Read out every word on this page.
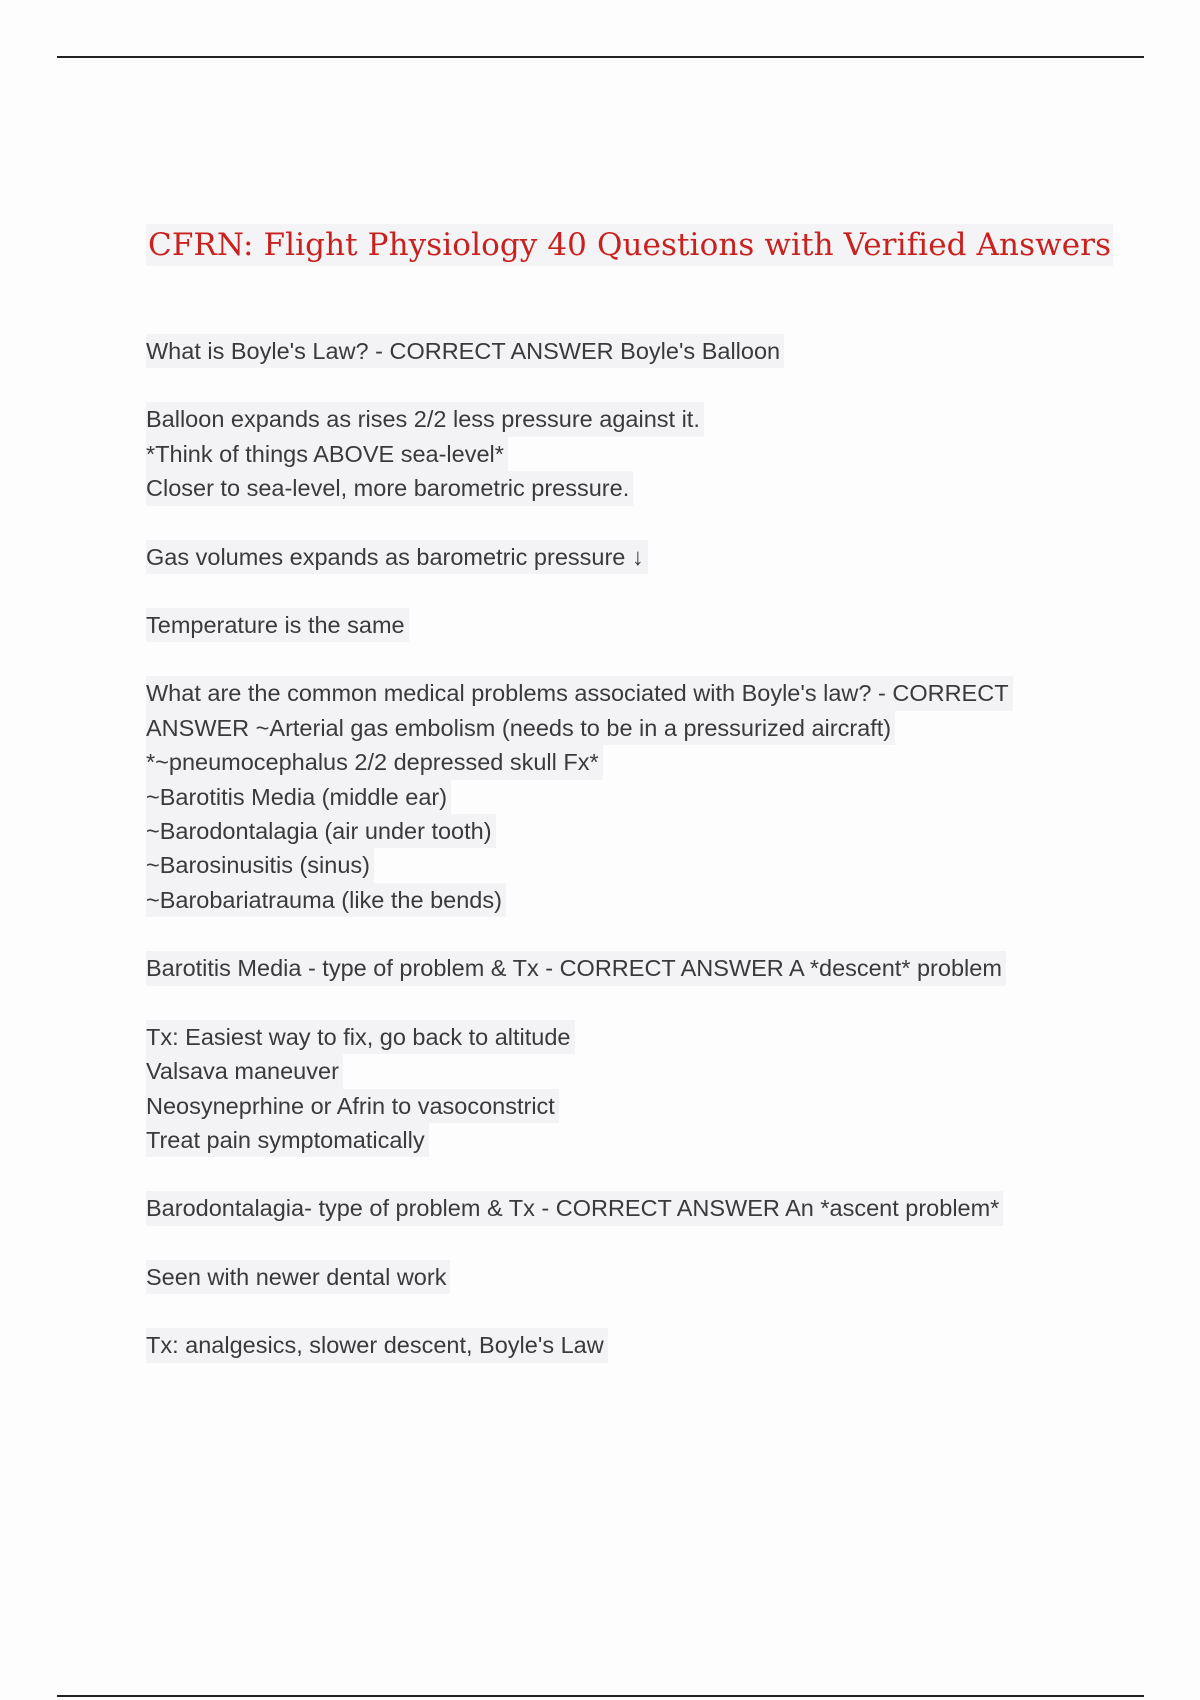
CFRN: Flight Physiology 40 Questions with Verified Answers
What is Boyle's Law? - CORRECT ANSWER Boyle's Balloon
Balloon expands as rises 2/2 less pressure against it.
*Think of things ABOVE sea-level*
Closer to sea-level, more barometric pressure.
Gas volumes expands as barometric pressure ↓
Temperature is the same
What are the common medical problems associated with Boyle's law? - CORRECT
ANSWER ~Arterial gas embolism (needs to be in a pressurized aircraft)
*~pneumocephalus 2/2 depressed skull Fx*
~Barotitis Media (middle ear)
~Barodontalagia (air under tooth)
~Barosinusitis (sinus)
~Barobariatrauma (like the bends)
Barotitis Media - type of problem & Tx - CORRECT ANSWER A *descent* problem
Tx: Easiest way to fix, go back to altitude
Valsava maneuver
Neosyneprhine or Afrin to vasoconstrict
Treat pain symptomatically
Barodontalagia- type of problem & Tx - CORRECT ANSWER An *ascent problem*
Seen with newer dental work
Tx: analgesics, slower descent, Boyle's Law
